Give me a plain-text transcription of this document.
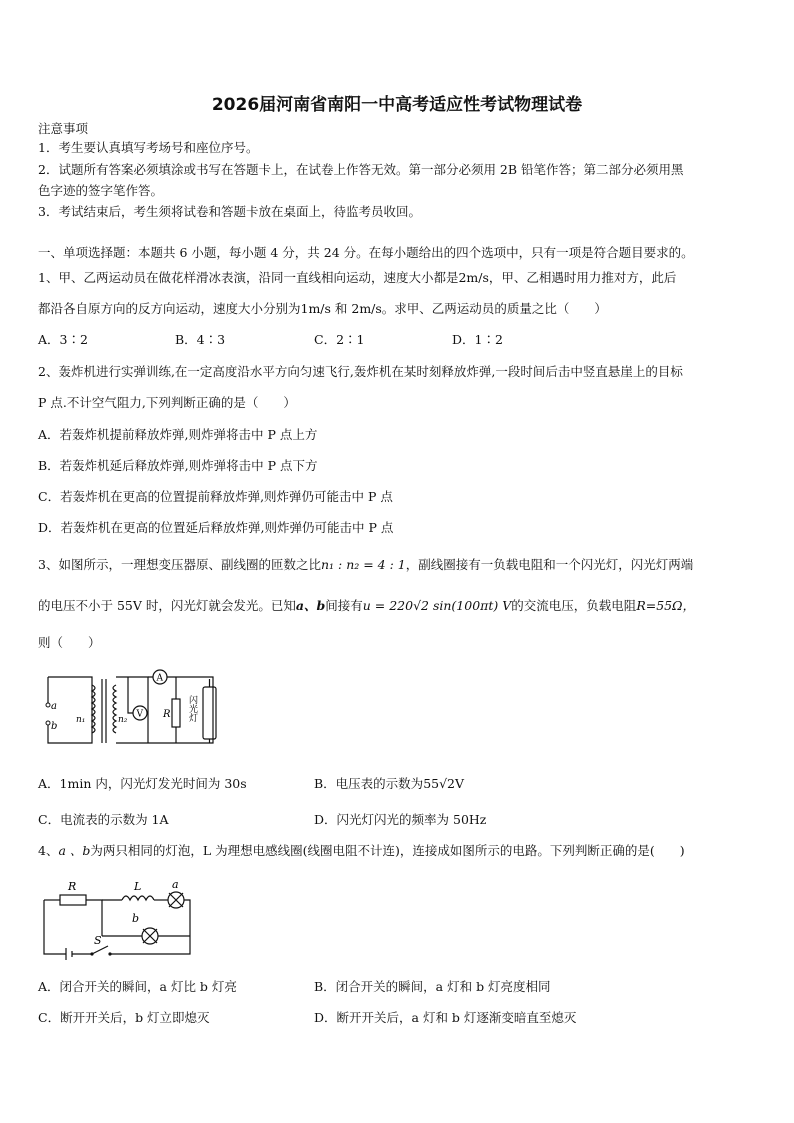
2026届河南省南阳一中高考适应性考试物理试卷
注意事项
1．考生要认真填写考场号和座位序号。
2．试题所有答案必须填涂或书写在答题卡上，在试卷上作答无效。第一部分必须用 2B 铅笔作答；第二部分必须用黑
色字迹的签字笔作答。
3．考试结束后，考生须将试卷和答题卡放在桌面上，待监考员收回。
一、单项选择题：本题共 6 小题，每小题 4 分，共 24 分。在每小题给出的四个选项中，只有一项是符合题目要求的。
1、甲、乙两运动员在做花样滑冰表演，沿同一直线相向运动，速度大小都是2m/s，甲、乙相遇时用力推对方，此后
都沿各自原方向的反方向运动，速度大小分别为1m/s 和 2m/s。求甲、乙两运动员的质量之比（　　）
A．3∶2	B．4∶3	C．2∶1	D．1∶2
2、轰炸机进行实弹训练,在一定高度沿水平方向匀速飞行,轰炸机在某时刻释放炸弹,一段时间后击中竖直悬崖上的目标
P 点.不计空气阻力,下列判断正确的是（　　）
A．若轰炸机提前释放炸弹,则炸弹将击中 P 点上方
B．若轰炸机延后释放炸弹,则炸弹将击中 P 点下方
C．若轰炸机在更高的位置提前释放炸弹,则炸弹仍可能击中 P 点
D．若轰炸机在更高的位置延后释放炸弹,则炸弹仍可能击中 P 点
3、如图所示，一理想变压器原、副线圈的匝数之比n₁ : n₂ = 4 : 1，副线圈接有一负载电阻和一个闪光灯，闪光灯两端
的电压不小于 55V 时，闪光灯就会发光。已知a、b间接有u = 220√2 sin(100πt) V的交流电压，负载电阻R=55Ω，
则（　　）
a
b
n₁	n₂
A
V R 闪光灯
A．1min 内，闪光灯发光时间为 30s	B．电压表的示数为55√2V
C．电流表的示数为 1A	D．闪光灯闪光的频率为 50Hz
4、a 、b为两只相同的灯泡，L 为理想电感线圈(线圈电阻不计连)，连接成如图所示的电路。下列判断正确的是(　　)
R	L	a
b
S
A．闭合开关的瞬间，a 灯比 b 灯亮	B．闭合开关的瞬间，a 灯和 b 灯亮度相同
C．断开开关后，b 灯立即熄灭	D．断开开关后，a 灯和 b 灯逐渐变暗直至熄灭
